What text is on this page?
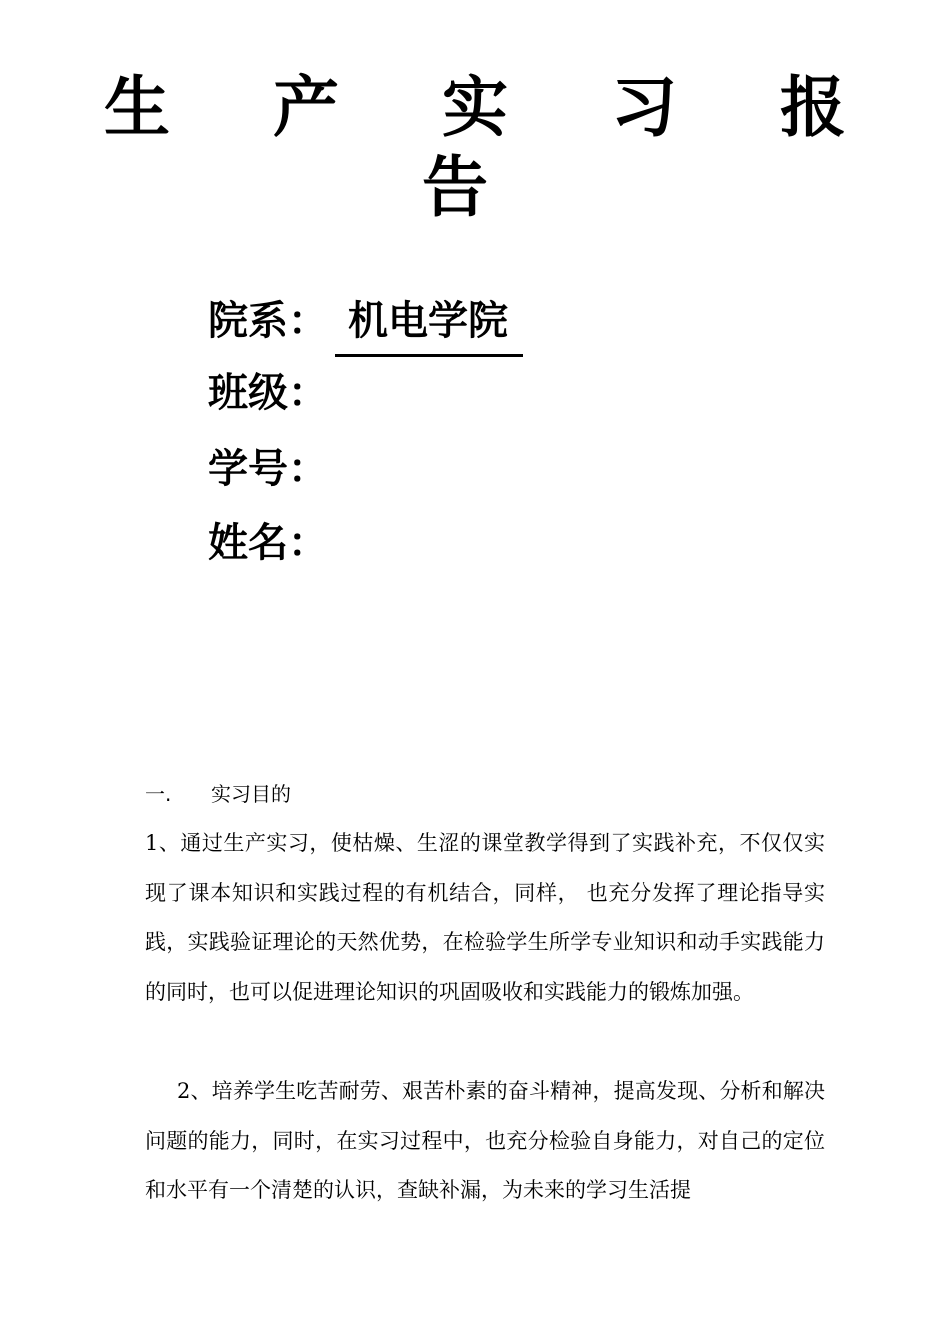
生 产 实 习 报 告
院系： 机电学院
班级：
学号：
姓名：
一. 实习目的
1、通过生产实习，使枯燥、生涩的课堂教学得到了实践补充，不仅仅实现了课本知识和实践过程的有机结合，同样， 也充分发挥了理论指导实践，实践验证理论的天然优势，在检验学生所学专业知识和动手实践能力的同时，也可以促进理论知识的巩固吸收和实践能力的锻炼加强。
2、培养学生吃苦耐劳、艰苦朴素的奋斗精神，提高发现、分析和解决问题的能力，同时，在实习过程中，也充分检验自身能力，对自己的定位和水平有一个清楚的认识，查缺补漏，为未来的学习生活提
